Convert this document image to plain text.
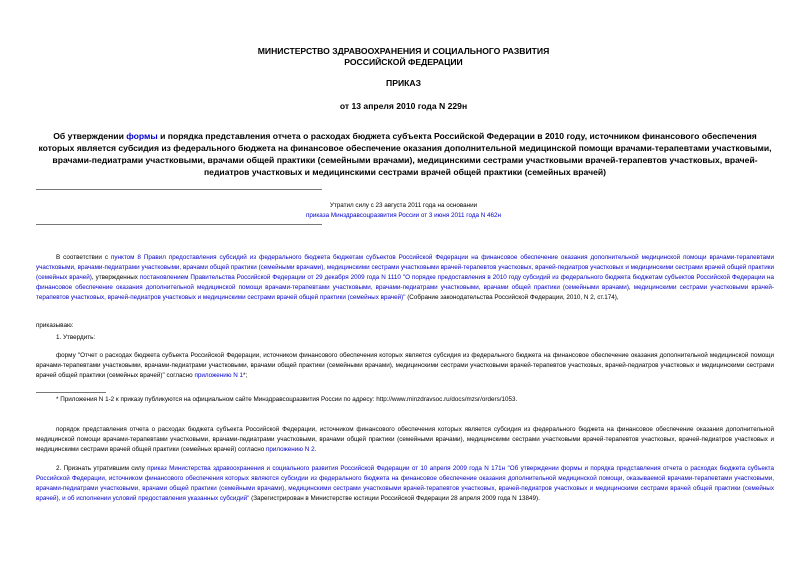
МИНИСТЕРСТВО ЗДРАВООХРАНЕНИЯ И СОЦИАЛЬНОГО РАЗВИТИЯ
РОССИЙСКОЙ ФЕДЕРАЦИИ
ПРИКАЗ
от 13 апреля 2010 года N 229н
Об утверждении формы и порядка представления отчета о расходах бюджета субъекта Российской Федерации в 2010 году, источником финансового обеспечения которых является субсидия из федерального бюджета на финансовое обеспечение оказания дополнительной медицинской помощи врачами-терапевтами участковыми, врачами-педиатрами участковыми, врачами общей практики (семейными врачами), медицинскими сестрами участковыми врачей-терапевтов участковых, врачей-педиатров участковых и медицинскими сестрами врачей общей практики (семейных врачей)
Утратил силу с 23 августа 2011 года на основании
приказа Минздравсоцразвития России от 3 июня 2011 года N 462н
В соответствии с пунктом 8 Правил предоставления субсидий из федерального бюджета бюджетам субъектов Российской Федерации на финансовое обеспечение оказания дополнительной медицинской помощи врачами-терапевтами участковыми, врачами-педиатрами участковыми, врачами общей практики (семейными врачами), медицинскими сестрами участковыми врачей-терапевтов участковых, врачей-педиатров участковых и медицинскими сестрами врачей общей практики (семейных врачей), утвержденных постановлением Правительства Российской Федерации от 29 декабря 2009 года N 1110 "О порядке предоставления в 2010 году субсидий из федерального бюджета бюджетам субъектов Российской Федерации на финансовое обеспечение оказания дополнительной медицинской помощи врачами-терапевтами участковыми, врачами-педиатрами участковыми, врачами общей практики (семейными врачами), медицинскими сестрами участковыми врачей-терапевтов участковых, врачей-педиатров участковых и медицинскими сестрами врачей общей практики (семейных врачей)" (Собрание законодательства Российской Федерации, 2010, N 2, ст.174),
приказываю:
1. Утвердить:
форму "Отчет о расходах бюджета субъекта Российской Федерации, источником финансового обеспечения которых является субсидия из федерального бюджета на финансовое обеспечение оказания дополнительной медицинской помощи врачами-терапевтами участковыми, врачами-педиатрами участковыми, врачами общей практики (семейными врачами), медицинскими сестрами участковыми врачей-терапевтов участковых, врачей-педиатров участковых и медицинскими сестрами врачей общей практики (семейных врачей)" согласно приложению N 1*;
* Приложения N 1-2 к приказу публикуются на официальном сайте Минздравсоцразвития России по адресу: http://www.minzdravsoc.ru/docs/mzsr/orders/1053.
порядок представления отчета о расходах бюджета субъекта Российской Федерации, источником финансового обеспечения которых является субсидия из федерального бюджета на финансовое обеспечение оказания дополнительной медицинской помощи врачами-терапевтами участковыми, врачами-педиатрами участковыми, врачами общей практики (семейными врачами), медицинскими сестрами участковыми врачей-терапевтов участковых, врачей-педиатров участковых и медицинскими сестрами врачей общей практики (семейных врачей) согласно приложению N 2.
2. Признать утратившим силу приказ Министерства здравоохранения и социального развития Российской Федерации от 10 апреля 2009 года N 171н "Об утверждении формы и порядка представления отчета о расходах бюджета субъекта Российской Федерации, источником финансового обеспечения которых являются субсидии из федерального бюджета на финансовое обеспечение оказания дополнительной медицинской помощи, оказываемой врачами-терапевтами участковыми, врачами-педиатрами участковыми, врачами общей практики (семейными врачами), медицинскими сестрами участковыми врачей-терапевтов участковых, врачей-педиатров участковых и медицинскими сестрами врачей общей практики (семейных врачей), и об исполнении условий предоставления указанных субсидий" (Зарегистрирован в Министерстве юстиции Российской Федерации 28 апреля 2009 года N 13849).
